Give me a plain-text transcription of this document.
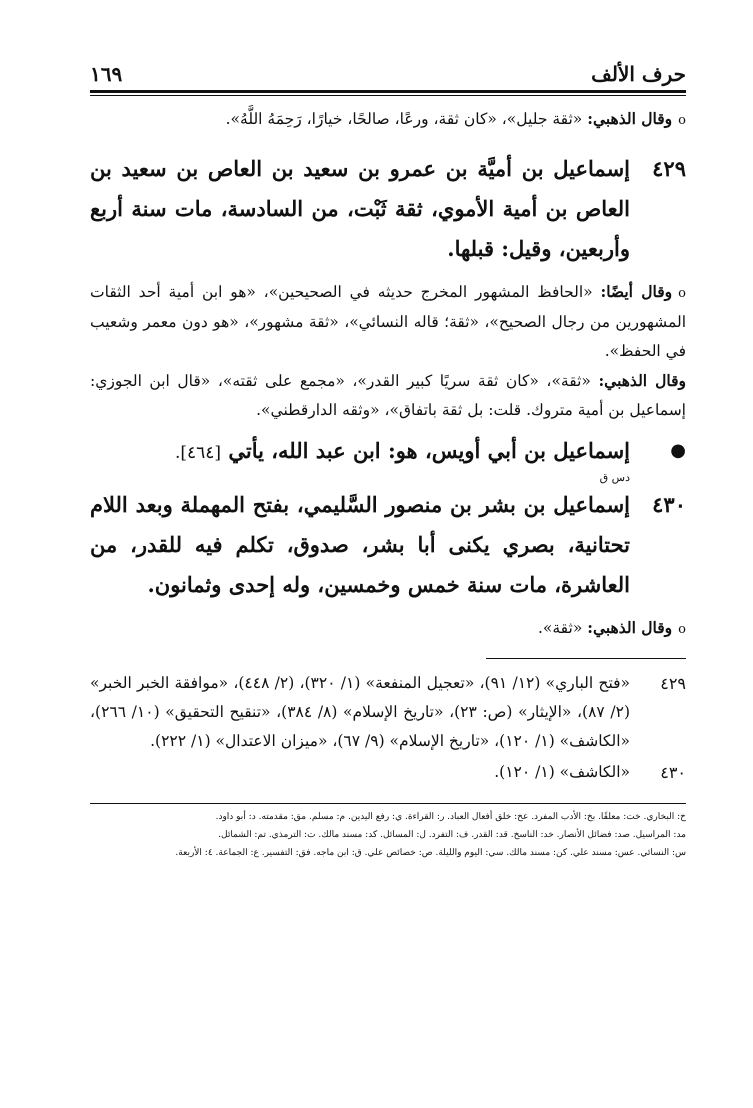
حرف الألف
١٦٩
oوقال الذهبي: «ثقة جليل»، «كان ثقة، ورعًا، صالحًا، خيارًا، رَحِمَهُ اللَّهُ».
٤٢٩
إسماعيل بن أميَّة بن عمرو بن سعيد بن العاص بن سعيد بن العاص بن أمية الأموي، ثقة ثَبْت، من السادسة، مات سنة أربع وأربعين، وقيل: قبلها.
oوقال أيضًا: «الحافظ المشهور المخرج حديثه في الصحيحين»، «هو ابن أمية أحد الثقات المشهورين من رجال الصحيح»، «ثقة؛ قاله النسائي»، «ثقة مشهور»، «هو دون معمر وشعيب في الحفظ».
وقال الذهبي: «ثقة»، «كان ثقة سريًا كبير القدر»، «مجمع على ثقته»، «قال ابن الجوزي: إسماعيل بن أمية متروك. قلت: بل ثقة باتفاق»، «وثقه الدارقطني».
●
إسماعيل بن أبي أويس، هو: ابن عبد الله، يأتي [٤٦٤].
٤٣٠
دس ق
إسماعيل بن بشر بن منصور السَّليمي، بفتح المهملة وبعد اللام تحتانية، بصري يكنى أبا بشر، صدوق، تكلم فيه للقدر، من العاشرة، مات سنة خمس وخمسين، وله إحدى وثمانون.
oوقال الذهبي: «ثقة».
٤٢٩
«فتح الباري» (١٢/ ٩١)، «تعجيل المنفعة» (١/ ٣٢٠)، (٢/ ٤٤٨)، «موافقة الخبر الخبر» (٢/ ٨٧)، «الإيثار» (ص: ٢٣)، «تاريخ الإسلام» (٨/ ٣٨٤)، «تنقيح التحقيق» (١٠/ ٢٦٦)، «الكاشف» (١/ ١٢٠)، «تاريخ الإسلام» (٩/ ٦٧)، «ميزان الاعتدال» (١/ ٢٢٢).
٤٣٠
«الكاشف» (١/ ١٢٠).
خ: البخاري. خت: معلقًا. بخ: الأدب المفرد. عخ: خلق أفعال العباد. ر: القراءة. ي: رفع اليدين. م: مسلم. مق: مقدمته. د: أبو داود.
مد: المراسيل. صد: فضائل الأنصار. خد: الناسخ. قد: القدر. ف: التفرد. ل: المسائل. كد: مسند مالك. ت: الترمذي. تم: الشمائل.
س: النسائي. عس: مسند علي. كن: مسند مالك. سي: اليوم والليلة. ص: خصائص علي. ق: ابن ماجه. فق: التفسير. ع: الجماعة. ٤: الأربعة.
